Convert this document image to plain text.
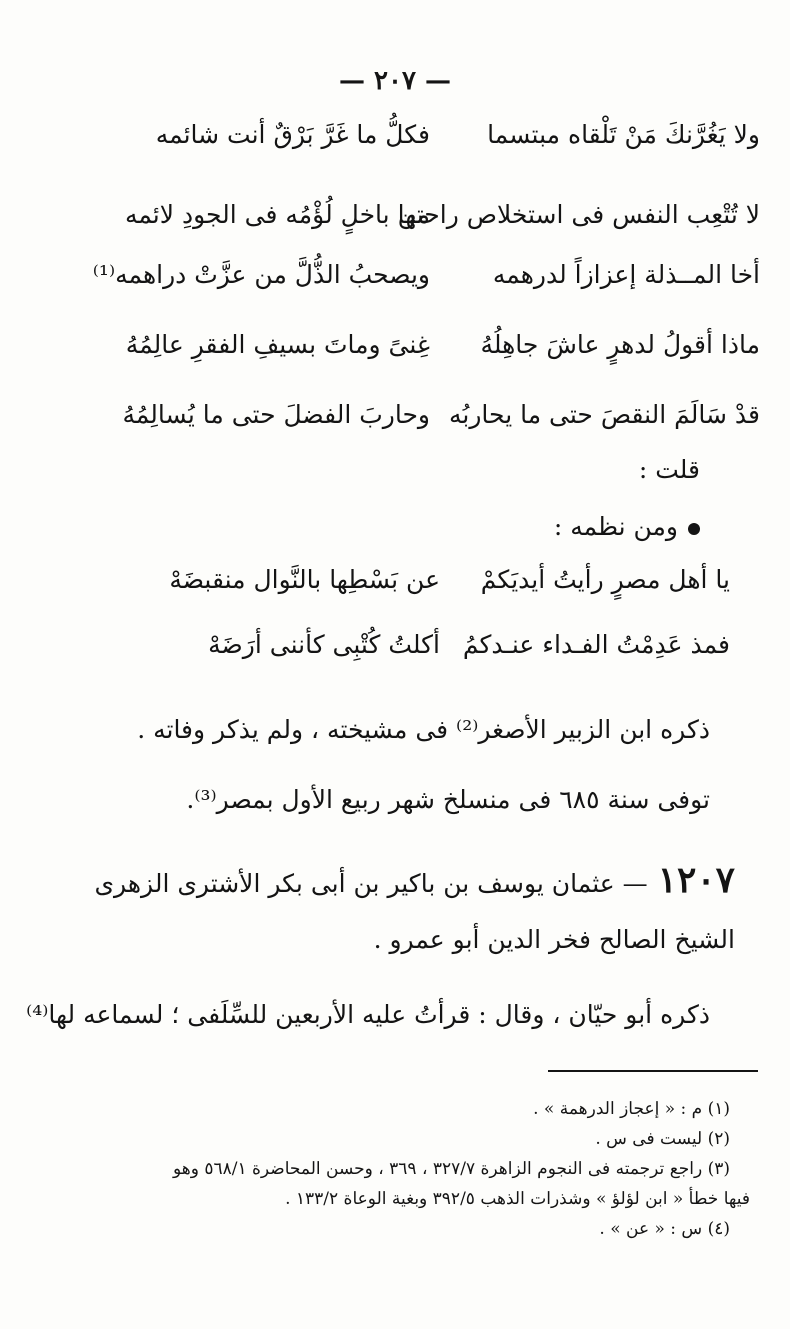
— ٢٠٧ —
ولا يَغُرَّنكَ مَنْ تَلْقاه مبتسما
فكلُّ ما غَرَّ بَرْقٌ أنت شائمه
لا تُتْعِب النفس فى استخلاص راحتها
من باخلٍ لُؤْمُه فى الجودِ لائمه
أخا المــذلة إعزازاً لدرهمه
ويصحبُ الذُّلَّ من عزَّتْ دراهمه⁽¹⁾
ماذا أقولُ لدهرٍ عاشَ جاهِلُهُ
غِنىً وماتَ بسيفِ الفقرِ عالِمُهُ
قدْ سَالَمَ النقصَ حتى ما يحاربُه
وحاربَ الفضلَ حتى ما يُسالِمُهُ
قلت :
ومن نظمه :
يا أهل مصرٍ رأيتُ أيديَكمْ
عن بَسْطِها بالنَّوال منقبضَهْ
فمذ عَدِمْتُ الفـداء عنـدكمُ
أكلتُ كُتْبِى كأننى أرَضَهْ
ذكره ابن الزبير الأصغر⁽²⁾ فى مشيخته ، ولم يذكر وفاته .
توفى سنة ٦٨٥ فى منسلخ شهر ربيع الأول بمصر⁽³⁾.
١٢٠٧— عثمان يوسف بن باكير بن أبى بكر الأشترى الزهرى
الشيخ الصالح فخر الدين أبو عمرو .
ذكره أبو حيّان ، وقال : قرأتُ عليه الأربعين للسِّلَفى ؛ لسماعه لها⁽⁴⁾
(١) م : « إعجاز الدرهمة » .
(٢) ليست فى س .
(٣) راجع ترجمته فى النجوم الزاهرة ٣٢٧/٧ ، ٣٦٩ ، وحسن المحاضرة ٥٦٨/١ وهو
فيها خطأ « ابن لؤلؤ » وشذرات الذهب ٣٩٢/٥ وبغية الوعاة ١٣٣/٢ .
(٤) س : « عن » .
